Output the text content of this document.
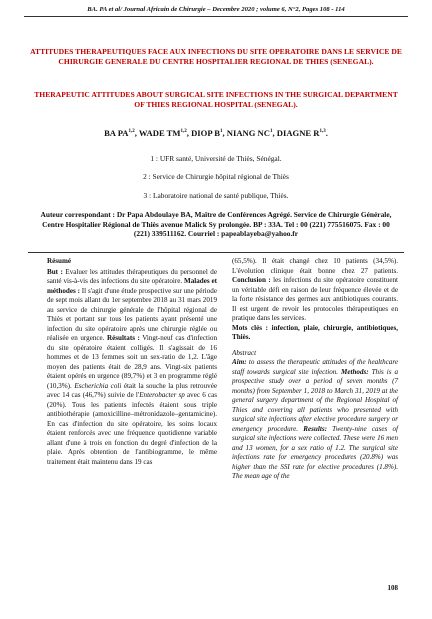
BA. PA et al/ Journal Africain de Chirurgie – Decembre 2020 ; volume 6, N°2, Pages 108 - 114
ATTITUDES THERAPEUTIQUES FACE AUX INFECTIONS DU SITE OPERATOIRE DANS LE SERVICE DE CHIRURGIE GENERALE DU CENTRE HOSPITALIER REGIONAL DE THIES (SENEGAL).
THERAPEUTIC ATTITUDES ABOUT SURGICAL SITE INFECTIONS IN THE SURGICAL DEPARTMENT OF THIES REGIONAL HOSPITAL (SENEGAL).
BA PA$^{1,2}$, WADE TM$^{1,2}$, DIOP $B^1$, NIANG $NC^1$, DIAGNE R$^{1,3}$.
1 : UFR santé, Université de Thiès, Sénégal.
2 : Service de Chirurgie hôpital régional de Thiès
3 : Laboratoire national de santé publique, Thiès.
Auteur correspondant : Dr Papa Abdoulaye BA, Maître de Conférences Agrégé. Service de Chirurgie Générale, Centre Hospitalier Régional de Thiès avenue Malick Sy prolongée. BP : 33A. Tel : 00 (221) 775516075. Fax : 00 (221) 339511162. Courriel : papeablayeba@yahoo.fr

Résumé

But : Evaluer les attitudes thérapeutiques du personnel de santé vis-à-vis des infections du site opératoire. Malades et méthodes : Il s'agit d'une étude prospective sur une période de sept mois allant du 1er septembre 2018 au 31 mars 2019 au service de chirurgie générale de l'hôpital régional de Thiès et portant sur tous les patients ayant présenté une infection du site opératoire après une chirurgie réglée ou réalisée en urgence. Résultats : Vingt-neuf cas d'infection du site opératoire étaient colligés. Il s'agissait de 16 hommes et de 13 femmes soit un sex-ratio de 1,2. L'âge moyen des patients était de 28,9 ans. Vingt-six patients étaient opérés en urgence (89,7%) et 3 en programme réglé (10,3%). Escherichia coli était la souche la plus retrouvée avec 14 cas (46,7%) suivie de l'Enterobacter sp avec 6 cas (20%). Tous les patients infectés étaient sous triple antibiothérapie (amoxicilline–métronidazole–gentamicine). En cas d'infection du site opératoire, les soins locaux étaient renforcés avec une fréquence quotidienne variable allant d'une à trois en fonction du degré d'infection de la plaie. Après obtention de l'antibiogramme, le même traitement était maintenu dans 19 cas

(65,5%). Il était changé chez 10 patients (34,5%). L'évolution clinique était bonne chez 27 patients. Conclusion : les infections du site opératoire constituent un véritable défi en raison de leur fréquence élevée et de la forte résistance des germes aux antibiotiques courants. Il est urgent de revoir les protocoles thérapeutiques en pratique dans les services.

Mots clés : infection, plaie, chirurgie, antibiotiques, Thiès.

Abstract

Aim: to assess the therapeutic attitudes of the healthcare staff towards surgical site infection. Methods: This is a prospective study over a period of seven months (7 months) from September 1, 2018 to March 31, 2019 at the general surgery department of the Regional Hospital of Thies and covering all patients who presented with surgical site infections after elective procedure surgery or emergency procedure. Results: Twenty-nine cases of surgical site infections were collected. These were 16 men and 13 women, for a sex ratio of 1.2. The surgical site infections rate for emergency procedures (20.8%) was higher than the SSI rate for elective procedures (1.8%). The mean age of the

108
